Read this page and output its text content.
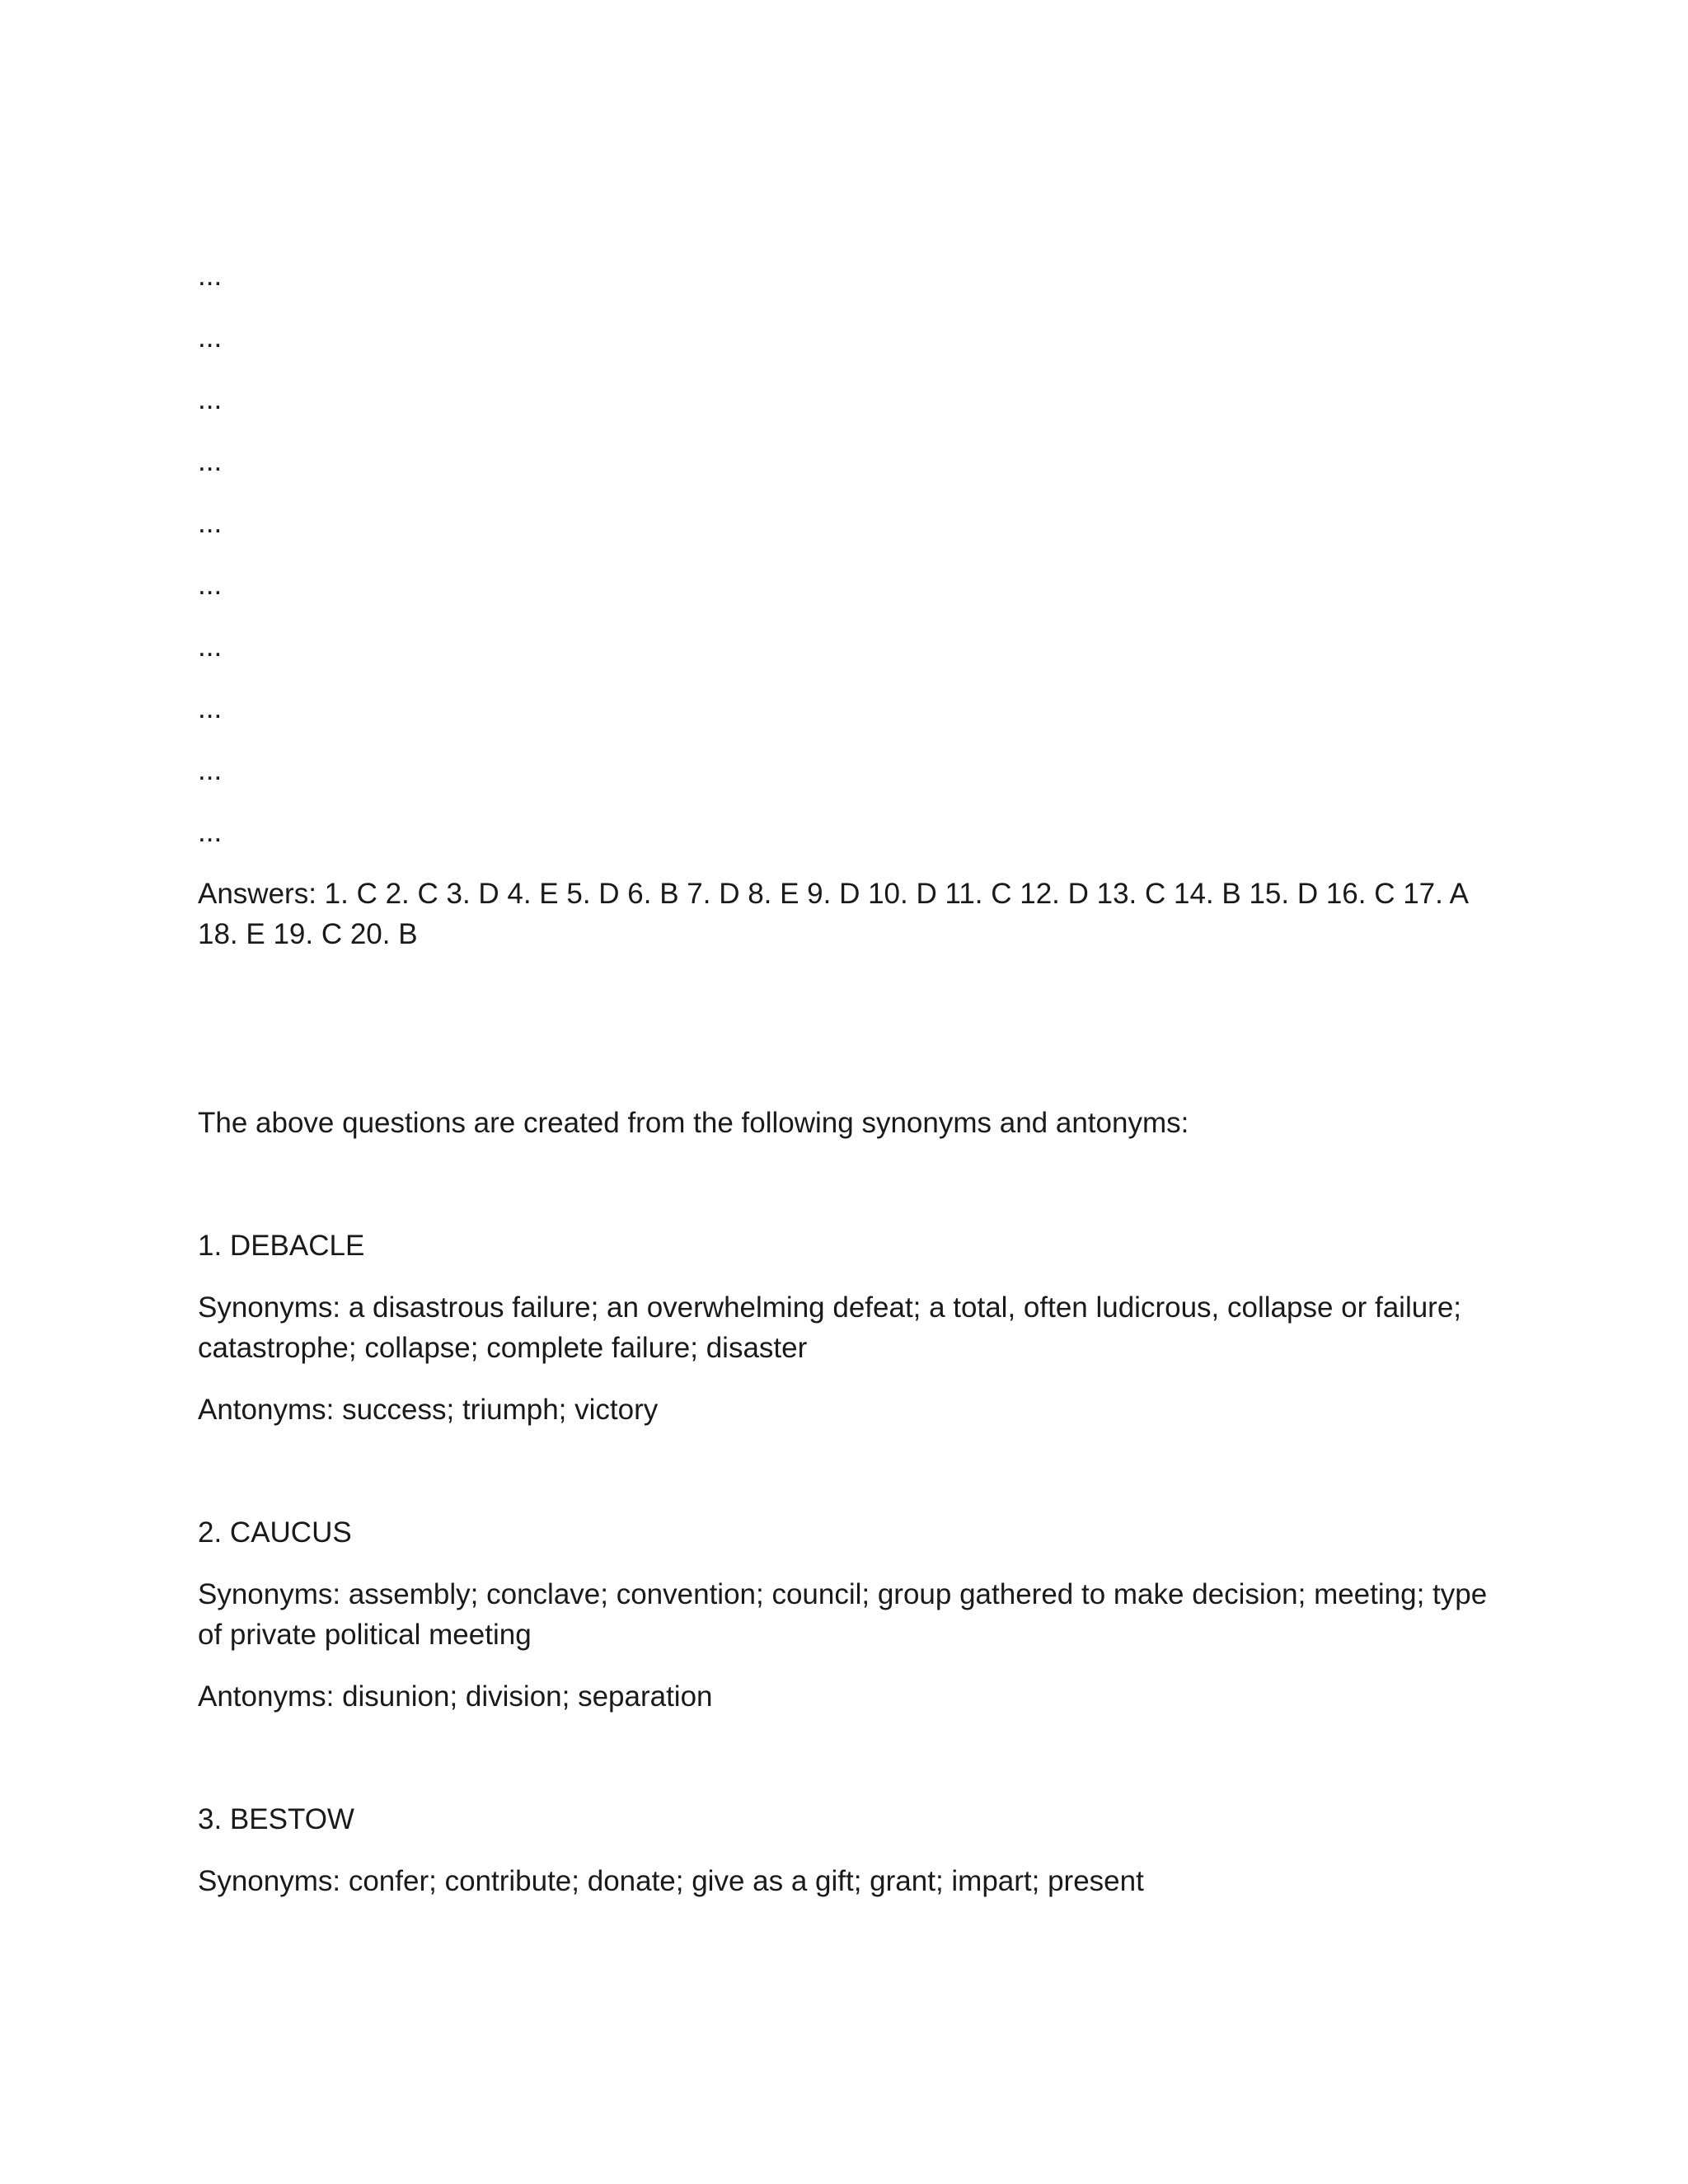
...
...
...
...
...
...
...
...
...
...

Answers: 1. C 2. C 3. D 4. E 5. D 6. B 7. D 8. E 9. D 10. D 11. C 12. D 13. C 14. B 15. D 16. C 17. A 18. E 19. C 20. B

The above questions are created from the following synonyms and antonyms:

1. DEBACLE

Synonyms: a disastrous failure; an overwhelming defeat; a total, often ludicrous, collapse or failure; catastrophe; collapse; complete failure; disaster

Antonyms: success; triumph; victory

2. CAUCUS

Synonyms: assembly; conclave; convention; council; group gathered to make decision; meeting; type of private political meeting

Antonyms: disunion; division; separation

3. BESTOW

Synonyms: confer; contribute; donate; give as a gift; grant; impart; present
